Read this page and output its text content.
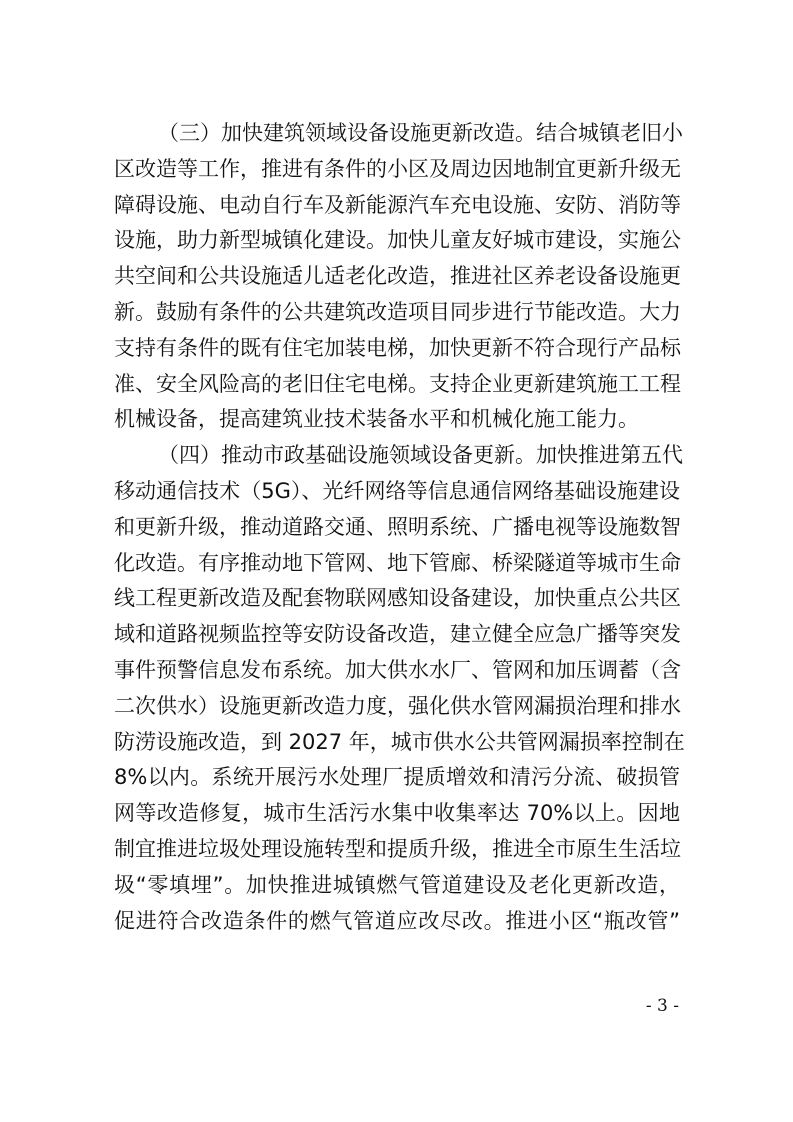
（三）加快建筑领域设备设施更新改造。结合城镇老旧小
区改造等工作，推进有条件的小区及周边因地制宜更新升级无
障碍设施、电动自行车及新能源汽车充电设施、安防、消防等
设施，助力新型城镇化建设。加快儿童友好城市建设，实施公
共空间和公共设施适儿适老化改造，推进社区养老设备设施更
新。鼓励有条件的公共建筑改造项目同步进行节能改造。大力
支持有条件的既有住宅加装电梯，加快更新不符合现行产品标
准、安全风险高的老旧住宅电梯。支持企业更新建筑施工工程
机械设备，提高建筑业技术装备水平和机械化施工能力。
（四）推动市政基础设施领域设备更新。加快推进第五代
移动通信技术（5G）、光纤网络等信息通信网络基础设施建设
和更新升级，推动道路交通、照明系统、广播电视等设施数智
化改造。有序推动地下管网、地下管廊、桥梁隧道等城市生命
线工程更新改造及配套物联网感知设备建设，加快重点公共区
域和道路视频监控等安防设备改造，建立健全应急广播等突发
事件预警信息发布系统。加大供水水厂、管网和加压调蓄（含
二次供水）设施更新改造力度，强化供水管网漏损治理和排水
防涝设施改造，到 2027 年，城市供水公共管网漏损率控制在
8%以内。系统开展污水处理厂提质增效和清污分流、破损管
网等改造修复，城市生活污水集中收集率达 70%以上。因地
制宜推进垃圾处理设施转型和提质升级，推进全市原生生活垃
圾“零填埋”。加快推进城镇燃气管道建设及老化更新改造，
促进符合改造条件的燃气管道应改尽改。推进小区“瓶改管”
- 3 -
